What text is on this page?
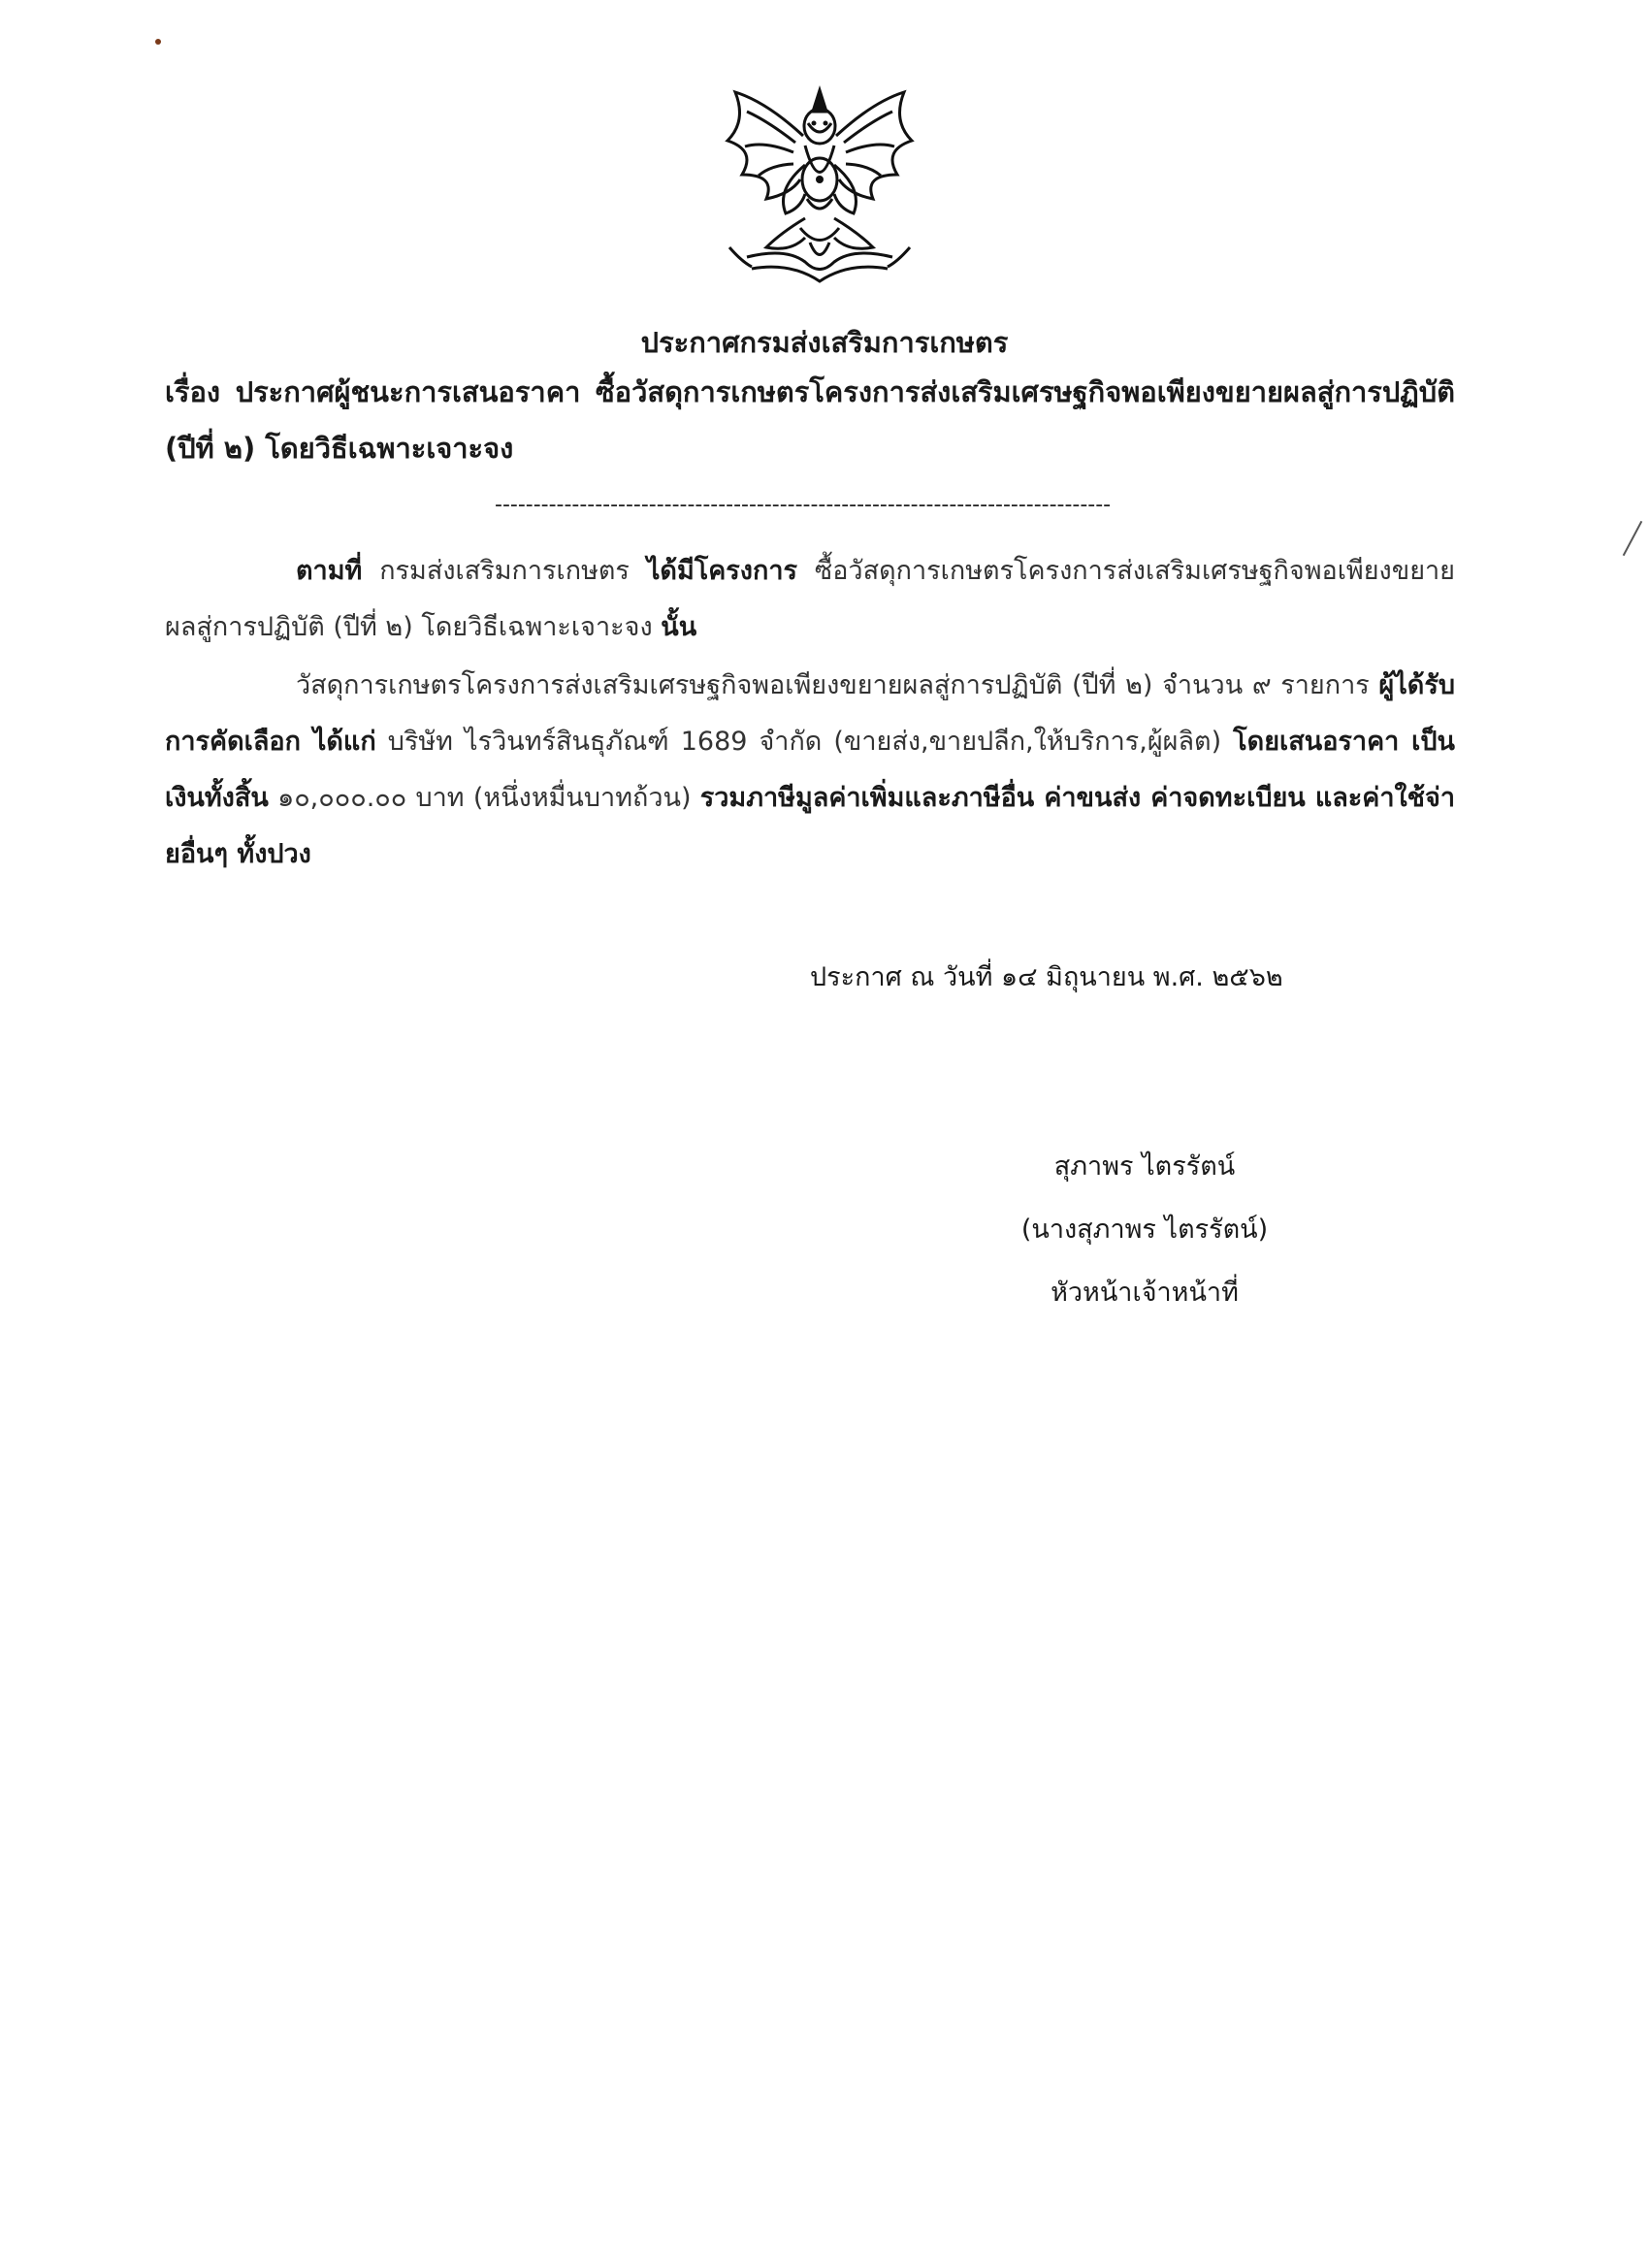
ประกาศกรมส่งเสริมการเกษตร
เรื่อง ประกาศผู้ชนะการเสนอราคา ซื้อวัสดุการเกษตรโครงการส่งเสริมเศรษฐกิจพอเพียงขยายผลสู่การปฏิบัติ (ปีที่ ๒) โดยวิธีเฉพาะเจาะจง
--------------------------------------------------------------------------------
ตามที่ กรมส่งเสริมการเกษตร ได้มีโครงการ ซื้อวัสดุการเกษตรโครงการส่งเสริมเศรษฐกิจพอเพียงขยายผลสู่การปฏิบัติ (ปีที่ ๒) โดยวิธีเฉพาะเจาะจง นั้น
วัสดุการเกษตรโครงการส่งเสริมเศรษฐกิจพอเพียงขยายผลสู่การปฏิบัติ (ปีที่ ๒) จำนวน ๙ รายการ ผู้ได้รับการคัดเลือก ได้แก่ บริษัท ไรวินทร์สินธุภัณฑ์ 1689 จำกัด (ขายส่ง,ขายปลีก,ให้บริการ,ผู้ผลิต) โดยเสนอราคา เป็นเงินทั้งสิ้น ๑๐,๐๐๐.๐๐ บาท (หนึ่งหมื่นบาทถ้วน) รวมภาษีมูลค่าเพิ่มและภาษีอื่น ค่าขนส่ง ค่าจดทะเบียน และค่าใช้จ่ายอื่นๆ ทั้งปวง
ประกาศ ณ วันที่ ๑๔ มิถุนายน พ.ศ. ๒๕๖๒
สุภาพร ไตรรัตน์
(นางสุภาพร ไตรรัตน์)
หัวหน้าเจ้าหน้าที่
